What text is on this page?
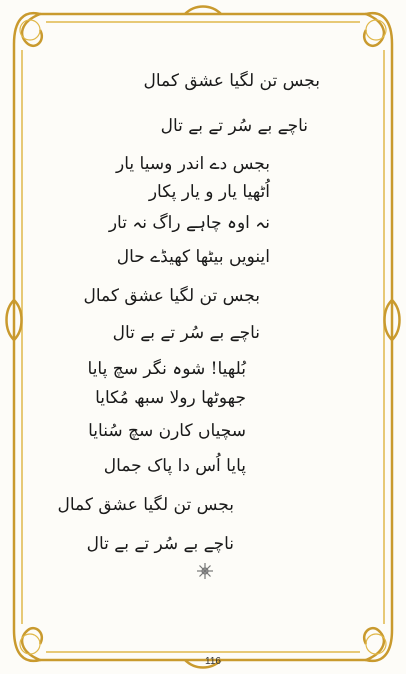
بجس تن لگیا عشق کمال
ناچے بے سُر تے بے تال
بجس دے اندر وسیا یار
اُٹھیا یار و یار پکار
نہ اوہ چاہے راگ نہ تار
اینویں بیٹھا کھیڈے حال
بجس تن لگیا عشق کمال
ناچے بے سُر تے بے تال
بُلھیا! شوہ نگر سچ پایا
جھوٹھا رولا سبھ مُکایا
سچیاں کارن سچ سُنایا
پایا اُس دا پاک جمال
بجس تن لگیا عشق کمال
ناچے بے سُر تے بے تال
116
